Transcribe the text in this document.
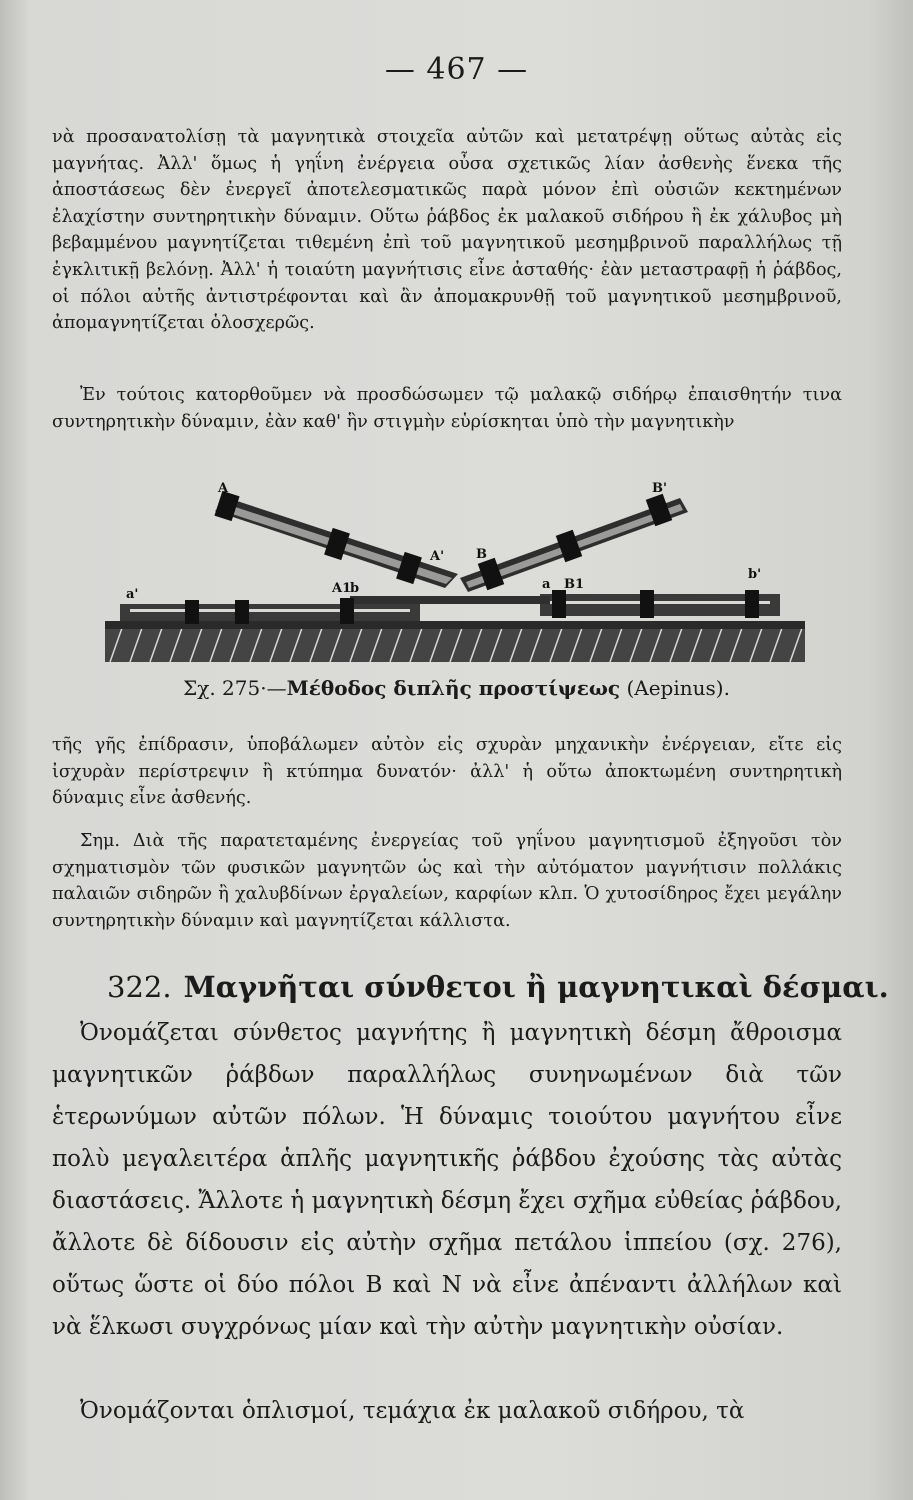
— 467 —

νὰ προσανατολίσῃ τὰ μαγνητικὰ στοιχεῖα αὐτῶν καὶ μετατρέψῃ οὕτως αὐτὰς εἰς μαγνήτας. Ἀλλ' ὅμως ἡ γηΐνη ἐνέργεια οὖσα σχετικῶς λίαν ἀσθενὴς ἕνεκα τῆς ἀποστάσεως δὲν ἐνεργεῖ ἀποτελεσματικῶς παρὰ μόνον ἐπὶ οὐσιῶν κεκτημένων ἐλαχίστην συντηρητικὴν δύναμιν. Οὕτω ῥάβδος ἐκ μαλακοῦ σιδήρου ἢ ἐκ χάλυβος μὴ βεβαμμένου μαγνητίζεται τιθεμένη ἐπὶ τοῦ μαγνητικοῦ μεσημβρινοῦ παραλλήλως τῇ ἐγκλιτικῇ βελόνῃ. Ἀλλ' ἡ τοιαύτη μαγνήτισις εἶνε ἀσταθής· ἐὰν μεταστραφῇ ἡ ῥάβδος, οἱ πόλοι αὐτῆς ἀντιστρέφονται καὶ ἂν ἀπομακρυνθῇ τοῦ μαγνητικοῦ μεσημβρινοῦ, ἀπομαγνητίζεται ὁλοσχερῶς.

Ἐν τούτοις κατορθοῦμεν νὰ προσδώσωμεν τῷ μαλακῷ σιδήρῳ ἐπαισθητήν τινα συντηρητικὴν δύναμιν, ἐὰν καθ' ἣν στιγμὴν εὑρίσκηται ὑπὸ τὴν μαγνητικὴν

A
A' B
B'
a'	A1
b	a B1
b'
Σχ. 275·—Μέθοδος διπλῆς προστίψεως (Aepinus).

τῆς γῆς ἐπίδρασιν, ὑποβάλωμεν αὐτὸν εἰς σχυρὰν μηχανικὴν ἐνέργειαν, εἴτε εἰς ἰσχυρὰν περίστρεψιν ἢ κτύπημα δυνατόν· ἀλλ' ἡ οὕτω ἀποκτωμένη συντηρητικὴ δύναμις εἶνε ἀσθενής.

Σημ. Διὰ τῆς παρατεταμένης ἐνεργείας τοῦ γηΐνου μαγνητισμοῦ ἐξηγοῦσι τὸν σχηματισμὸν τῶν φυσικῶν μαγνητῶν ὡς καὶ τὴν αὐτόματον μαγνήτισιν πολλάκις παλαιῶν σιδηρῶν ἢ χαλυβδίνων ἐργαλείων, καρφίων κλπ. Ὁ χυτοσίδηρος ἔχει μεγάλην συντηρητικὴν δύναμιν καὶ μαγνητίζεται κάλλιστα.

322. Μαγνῆται σύνθετοι ἢ μαγνητικαὶ δέσμαι.

Ὀνομάζεται σύνθετος μαγνήτης ἢ μαγνητικὴ δέσμη ἄθροισμα μαγνητικῶν ῥάβδων παραλλήλως συνηνωμένων διὰ τῶν ἑτερωνύμων αὐτῶν πόλων. Ἡ δύναμις τοιούτου μαγνήτου εἶνε πολὺ μεγαλειτέρα ἁπλῆς μαγνητικῆς ῥάβδου ἐχούσης τὰς αὐτὰς διαστάσεις. Ἄλλοτε ἡ μαγνητικὴ δέσμη ἔχει σχῆμα εὐθείας ῥάβδου, ἄλλοτε δὲ δίδουσιν εἰς αὐτὴν σχῆμα πετάλου ἱππείου (σχ. 276), οὕτως ὥστε οἱ δύο πόλοι Β καὶ Ν νὰ εἶνε ἀπέναντι ἀλλήλων καὶ νὰ ἕλκωσι συγχρόνως μίαν καὶ τὴν αὐτὴν μαγνητικὴν οὐσίαν.

Ὀνομάζονται ὁπλισμοί, τεμάχια ἐκ μαλακοῦ σιδήρου, τὰ
